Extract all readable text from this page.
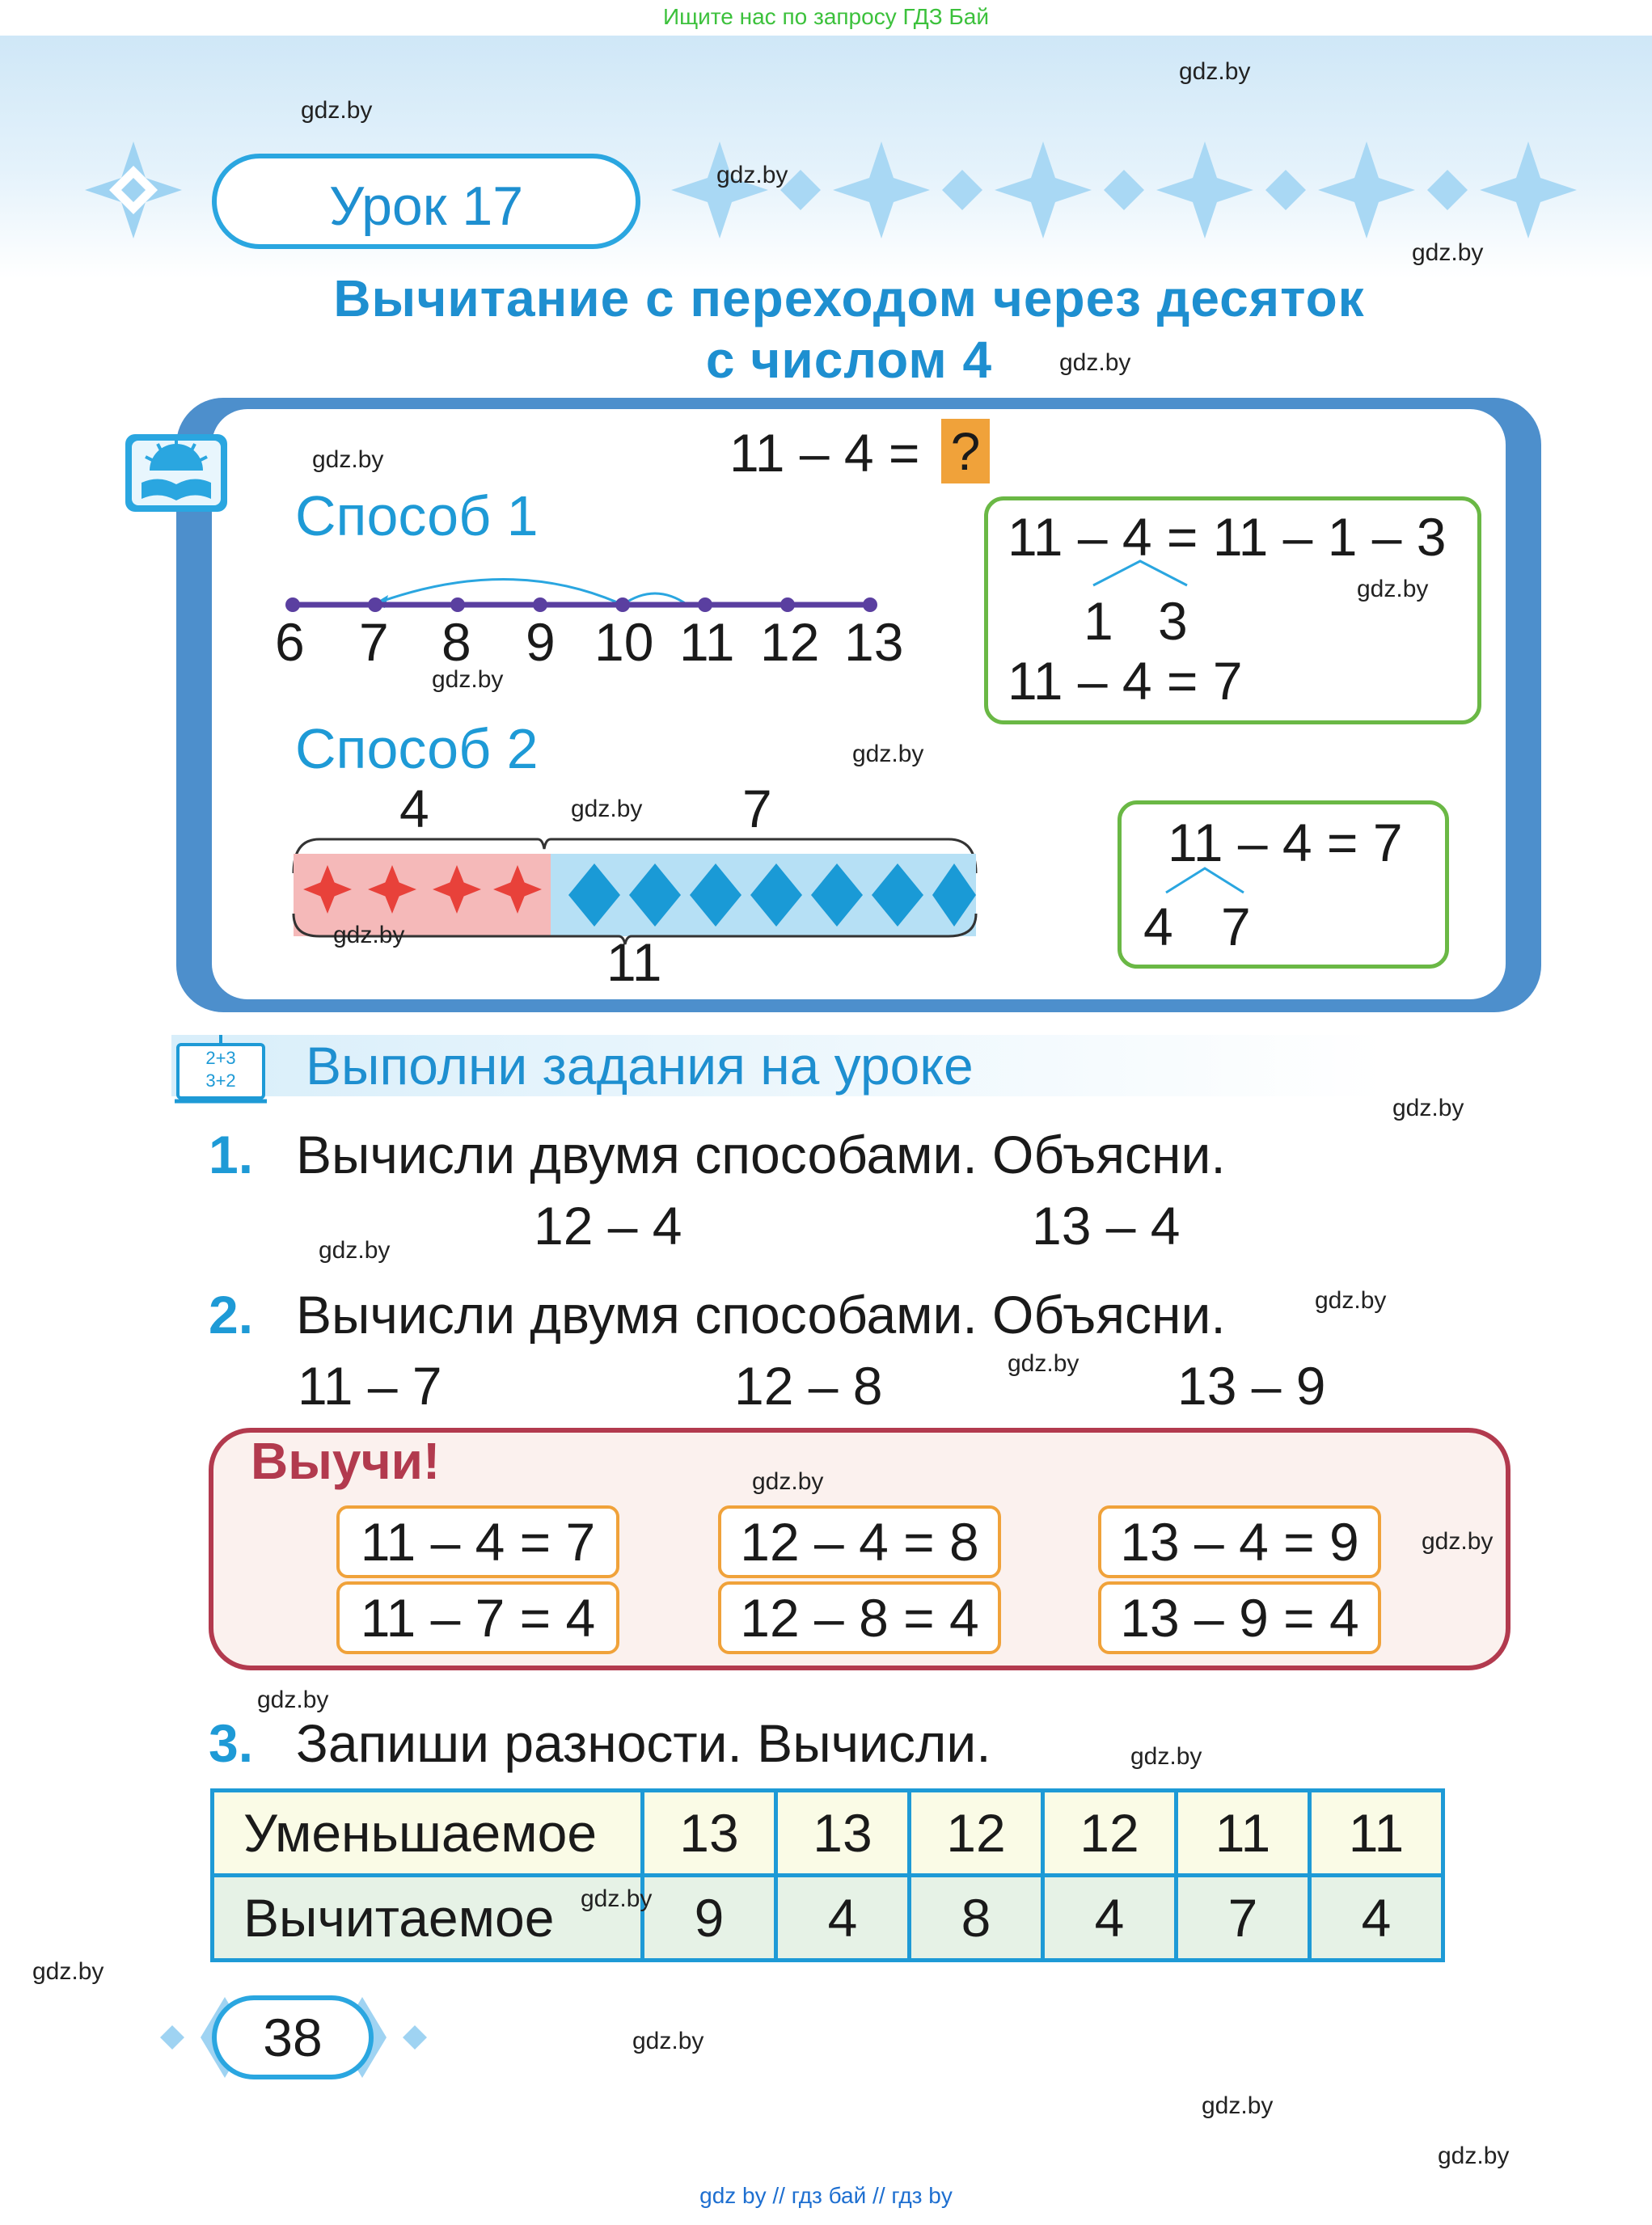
Ищите нас по запросу ГДЗ Бай
Урок 17
Вычитание с переходом через десяток
с числом 4
11 – 4 = ?
Способ 1
6 7 8 9 10 11 12 13
11 – 4 = 11 – 1 – 3
1 3
11 – 4 = 7
Способ 2
4	7
11
11 – 4 = 7
4 7
2+3
3+2	Выполни задания на уроке
1. Вычисли двумя способами. Объясни.
12 – 4	13 – 4
2. Вычисли двумя способами. Объясни.
11 – 7	12 – 8	13 – 9
Выучи!
11 – 4 = 7	12 – 4 = 8	13 – 4 = 9
11 – 7 = 4	12 – 8 = 4	13 – 9 = 4
3. Запиши разности. Вычисли.
Уменьшаемое	13	13	12	12	11	11
Вычитаемое	9	4	8	4	7	4
38
gdz.by
gdz.by
gdz.by
gdz.by
gdz.by
gdz.by
gdz.by
gdz.by
gdz.by
gdz.by
gdz.by
gdz.by
gdz.by
gdz.by
gdz.by
gdz.by
gdz.by
gdz.by
gdz.by
gdz.by
gdz.by
gdz.by
gdz.by
gdz.by
gdz by // гдз бай // гдз by
